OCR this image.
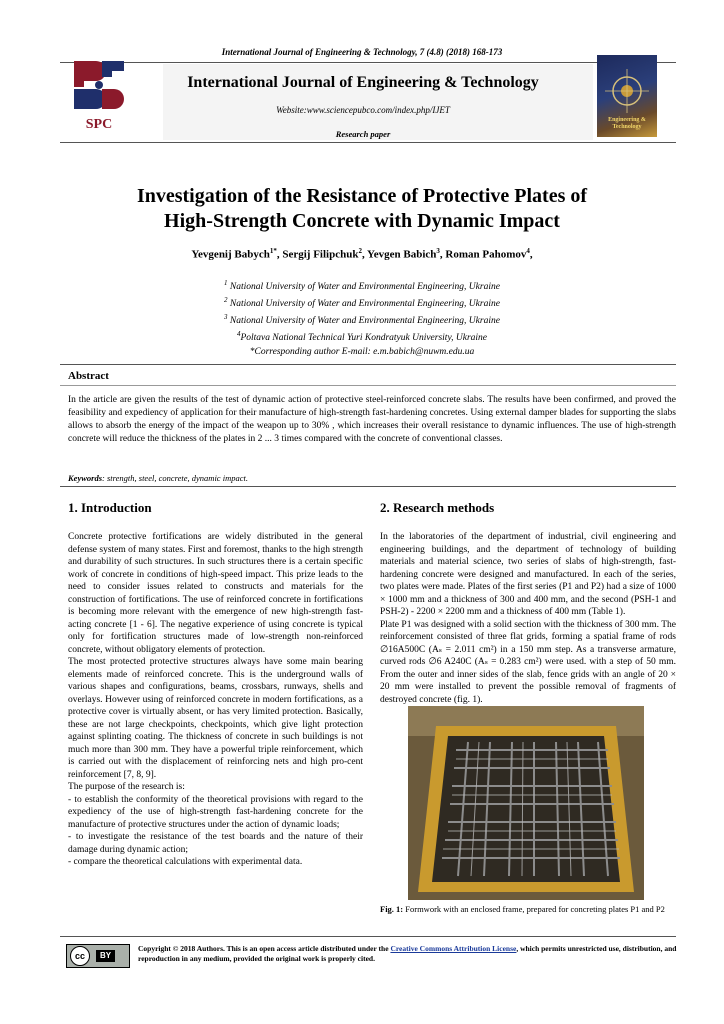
International Journal of Engineering & Technology, 7 (4.8) (2018) 168-173
SPC
International Journal of Engineering & Technology
Website:www.sciencepubco.com/index.php/IJET
Research paper
Engineering & Technology
Investigation of the Resistance of Protective Plates of
High-Strength Concrete with Dynamic Impact
Yevgenij Babych$^{1*}$, Sergij Filipchuk$^2$, Yevgen Babich$^3$, Roman Pahomov$^4$,
$^1$ National University of Water and Environmental Engineering, Ukraine
$^2$ National University of Water and Environmental Engineering, Ukraine
$^3$ National University of Water and Environmental Engineering, Ukraine
$^4$Poltava National Technical Yuri Kondratyuk University, Ukraine
*Corresponding author E-mail: e.m.babich@nuwm.edu.ua
Abstract
In the article are given the results of the test of dynamic action of protective steel-reinforced concrete slabs. The results have been confirmed, and proved the feasibility and expediency of application for their manufacture of high-strength fast-hardening concretes. Using external damper blades for supporting the slabs allows to absorb the energy of the impact of the weapon up to 30% , which increases their overall resistance to dynamic influences. The use of high-strength concrete will reduce the thickness of the plates in 2 ... 3 times compared with the concrete of conventional classes.
Keywords: strength, steel, concrete, dynamic impact.
1. Introduction

Concrete protective fortifications are widely distributed in the general defense system of many states. First and foremost, thanks to the high strength and durability of such structures. In such structures there is a certain specific work of concrete in conditions of high-speed impact. This prize leads to the need to consider issues related to constructs and materials for the construction of fortifications. The use of reinforced concrete in fortifications is becoming more relevant with the emergence of new high-strength fast-acting concrete [1 - 6]. The negative experience of using concrete is typical only for fortification structures made of low-strength non-reinforced concrete, without obligatory elements of protection.

The most protected protective structures always have some main bearing elements made of reinforced concrete. This is the underground walls of various shapes and configurations, beams, crossbars, runways, shells and overlays. However using of reinforced concrete in modern fortifications, as a protective cover is virtually absent, or has very limited protection. Basically, these are not large checkpoints, checkpoints, which give light protection against splinting coating. The thickness of concrete in such buildings is not much more than 300 mm. They have a powerful triple reinforcement, which is carried out with the displacement of reinforcing nets and high pro-cent reinforcement [7, 8, 9].

The purpose of the research is:

- to establish the conformity of the theoretical provisions with regard to the expediency of the use of high-strength fast-hardening concrete for the manufacture of protective structures under the action of dynamic loads;

- to investigate the resistance of the test boards and the nature of their damage during dynamic action;

- compare the theoretical calculations with experimental data.

2. Research methods

In the laboratories of the department of industrial, civil engineering and engineering buildings, and the department of technology of building materials and material science, two series of slabs of high-strength, fast-hardening concrete were designed and manufactured. In each of the series, two plates were made. Plates of the first series (P1 and P2) had a size of 1000 × 1000 mm and a thickness of 300 and 400 mm, and the second (PSH-1 and PSH-2) - 2200 × 2200 mm and a thickness of 400 mm (Table 1).

Plate P1 was designed with a solid section with the thickness of 300 mm. The reinforcement consisted of three flat grids, forming a spatial frame of rods ∅16A500C (Aₛ = 2.011 cm²) in a 150 mm step. As a transverse armature, curved rods ∅6 A240C (Aₛ = 0.283 cm²) were used. with a step of 50 mm. From the outer and inner sides of the slab, fence grids with an angle of 20 × 20 mm were installed to prevent the possible removal of fragments of destroyed concrete (fig. 1).

Fig. 1: Formwork with an enclosed frame, prepared for concreting plates P1 and P2
cc	BY
Copyright © 2018 Authors. This is an open access article distributed under the Creative Commons Attribution License, which permits unrestricted use, distribution, and reproduction in any medium, provided the original work is properly cited.
